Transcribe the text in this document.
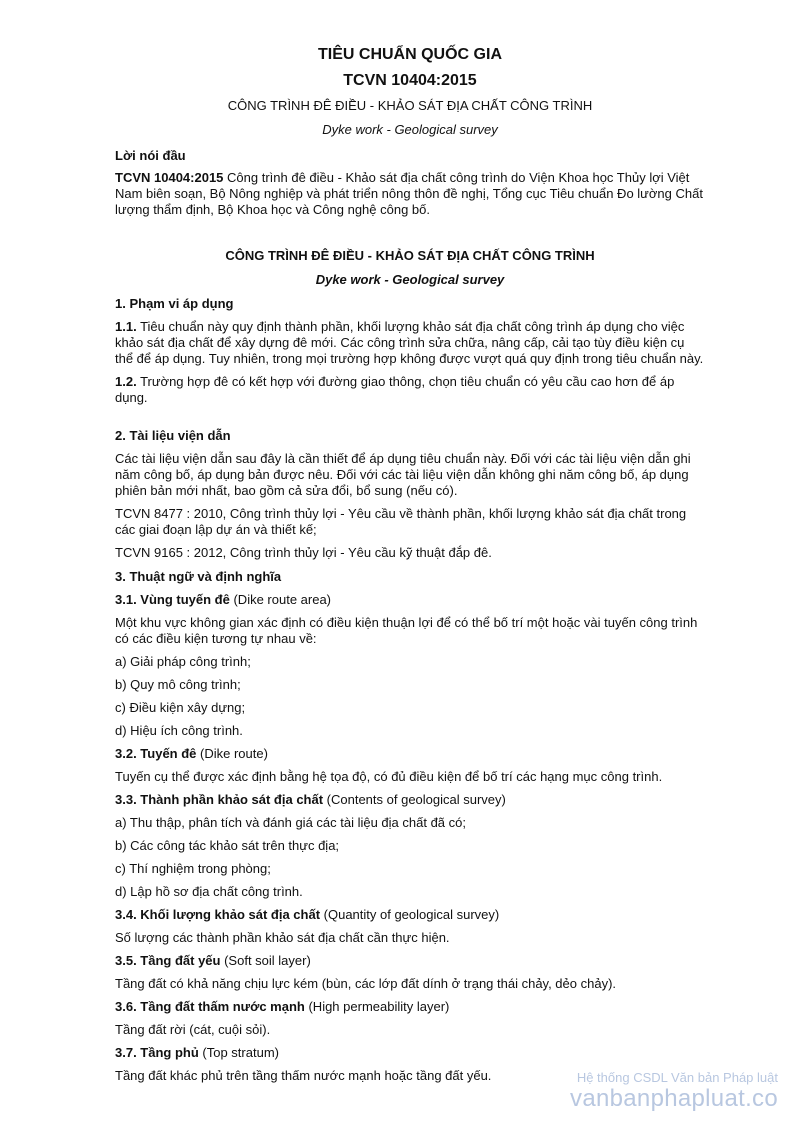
TIÊU CHUẨN QUỐC GIA
TCVN 10404:2015
CÔNG TRÌNH ĐÊ ĐIỀU - KHẢO SÁT ĐỊA CHẤT CÔNG TRÌNH
Dyke work - Geological survey

Lời nói đầu

TCVN 10404:2015 Công trình đê điều - Khảo sát địa chất công trình do Viện Khoa học Thủy lợi Việt Nam biên soạn, Bộ Nông nghiệp và phát triển nông thôn đề nghị, Tổng cục Tiêu chuẩn Đo lường Chất lượng thẩm định, Bộ Khoa học và Công nghệ công bố.

CÔNG TRÌNH ĐÊ ĐIỀU - KHẢO SÁT ĐỊA CHẤT CÔNG TRÌNH
Dyke work - Geological survey

1. Phạm vi áp dụng

1.1. Tiêu chuẩn này quy định thành phần, khối lượng khảo sát địa chất công trình áp dụng cho việc khảo sát địa chất để xây dựng đê mới. Các công trình sửa chữa, nâng cấp, cải tạo tùy điều kiện cụ thể để áp dụng. Tuy nhiên, trong mọi trường hợp không được vượt quá quy định trong tiêu chuẩn này.

1.2. Trường hợp đê có kết hợp với đường giao thông, chọn tiêu chuẩn có yêu cầu cao hơn để áp dụng.

2. Tài liệu viện dẫn

Các tài liệu viện dẫn sau đây là cần thiết để áp dụng tiêu chuẩn này. Đối với các tài liệu viện dẫn ghi năm công bố, áp dụng bản được nêu. Đối với các tài liệu viện dẫn không ghi năm công bố, áp dụng phiên bản mới nhất, bao gồm cả sửa đổi, bổ sung (nếu có).

TCVN 8477 : 2010, Công trình thủy lợi - Yêu cầu về thành phần, khối lượng khảo sát địa chất trong các giai đoạn lập dự án và thiết kế;

TCVN 9165 : 2012, Công trình thủy lợi - Yêu cầu kỹ thuật đắp đê.

3. Thuật ngữ và định nghĩa

3.1. Vùng tuyến đê (Dike route area)

Một khu vực không gian xác định có điều kiện thuận lợi để có thể bố trí một hoặc vài tuyến công trình có các điều kiện tương tự nhau về:

a) Giải pháp công trình;

b) Quy mô công trình;

c) Điều kiện xây dựng;

d) Hiệu ích công trình.

3.2. Tuyến đê (Dike route)

Tuyến cụ thể được xác định bằng hệ tọa độ, có đủ điều kiện để bố trí các hạng mục công trình.

3.3. Thành phần khảo sát địa chất (Contents of geological survey)

a) Thu thập, phân tích và đánh giá các tài liệu địa chất đã có;

b) Các công tác khảo sát trên thực địa;

c) Thí nghiệm trong phòng;

d) Lập hồ sơ địa chất công trình.

3.4. Khối lượng khảo sát địa chất (Quantity of geological survey)

Số lượng các thành phần khảo sát địa chất cần thực hiện.

3.5. Tầng đất yếu (Soft soil layer)

Tầng đất có khả năng chịu lực kém (bùn, các lớp đất dính ở trạng thái chảy, dẻo chảy).

3.6. Tầng đất thấm nước mạnh (High permeability layer)

Tầng đất rời (cát, cuội sỏi).

3.7. Tầng phủ (Top stratum)

Tầng đất khác phủ trên tầng thấm nước mạnh hoặc tầng đất yếu.	Hệ thống CSDL Văn bản Pháp luật
vanbanphapluat.co
